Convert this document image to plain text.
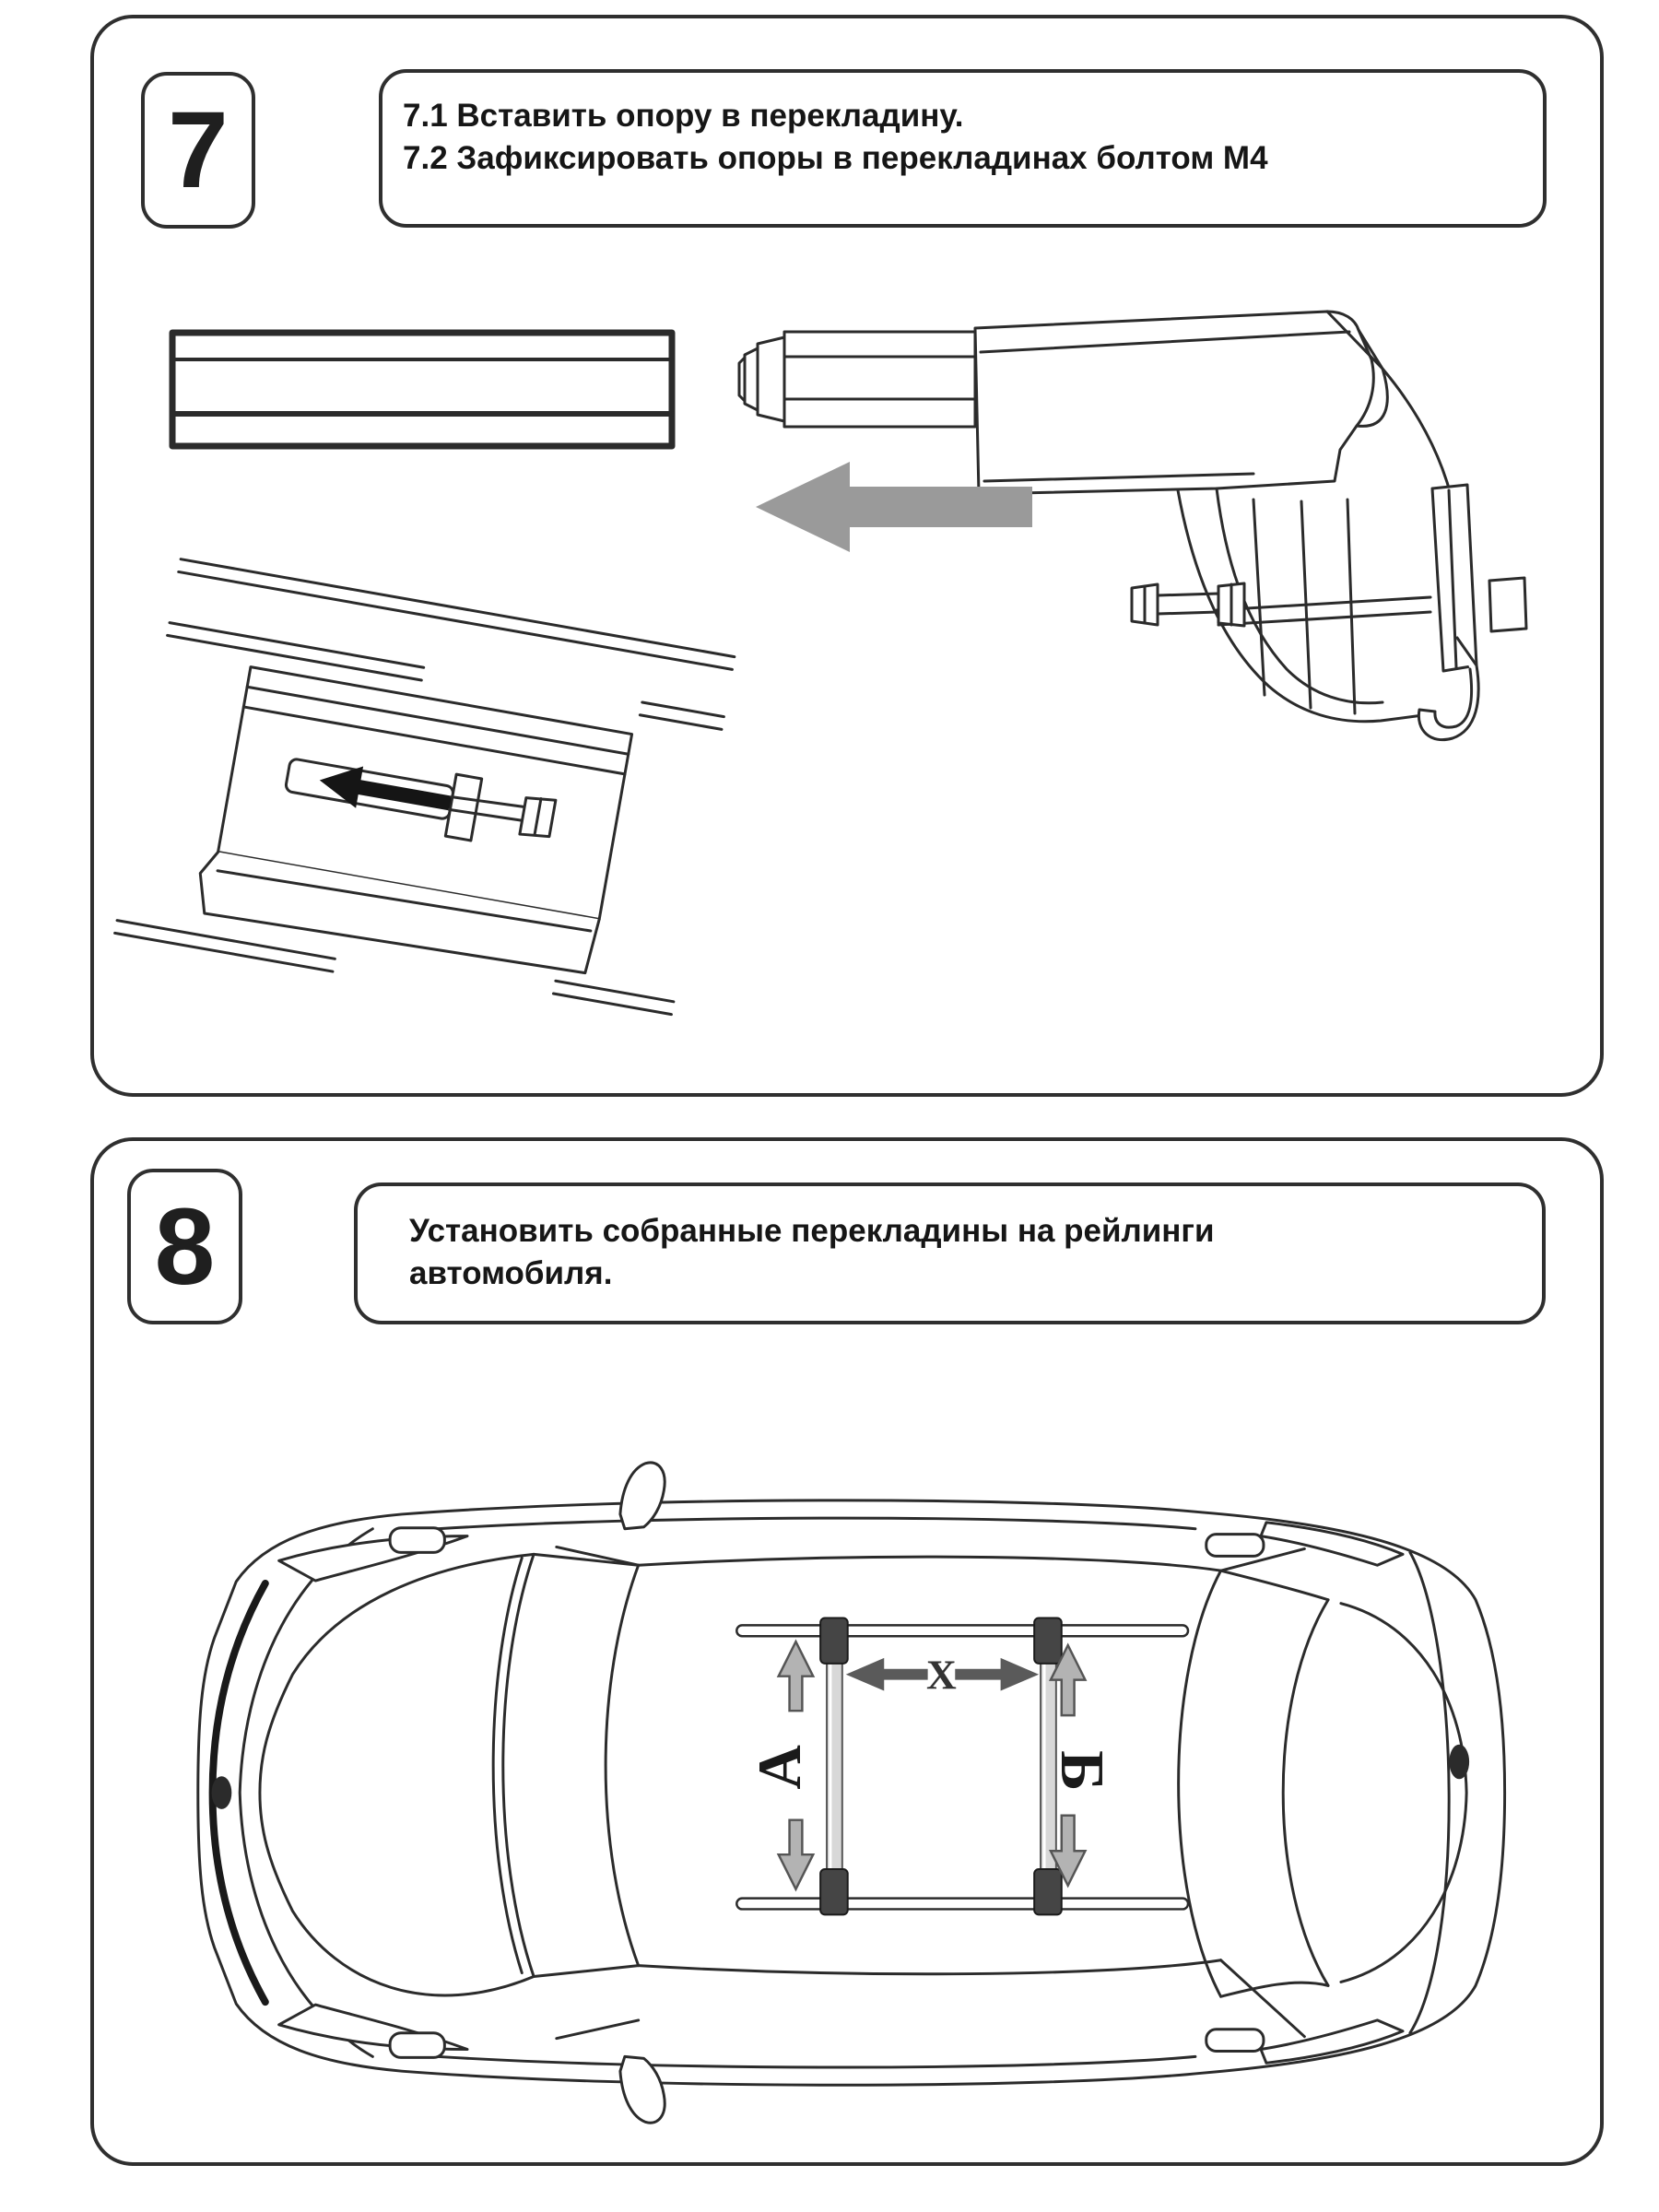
7	7.1 Вставить опору в перекладину.
7.2 Зафиксировать опоры в перекладинах болтом М4
8	Установить собранные перекладины на рейлинги автомобиля.
X
А	Б
